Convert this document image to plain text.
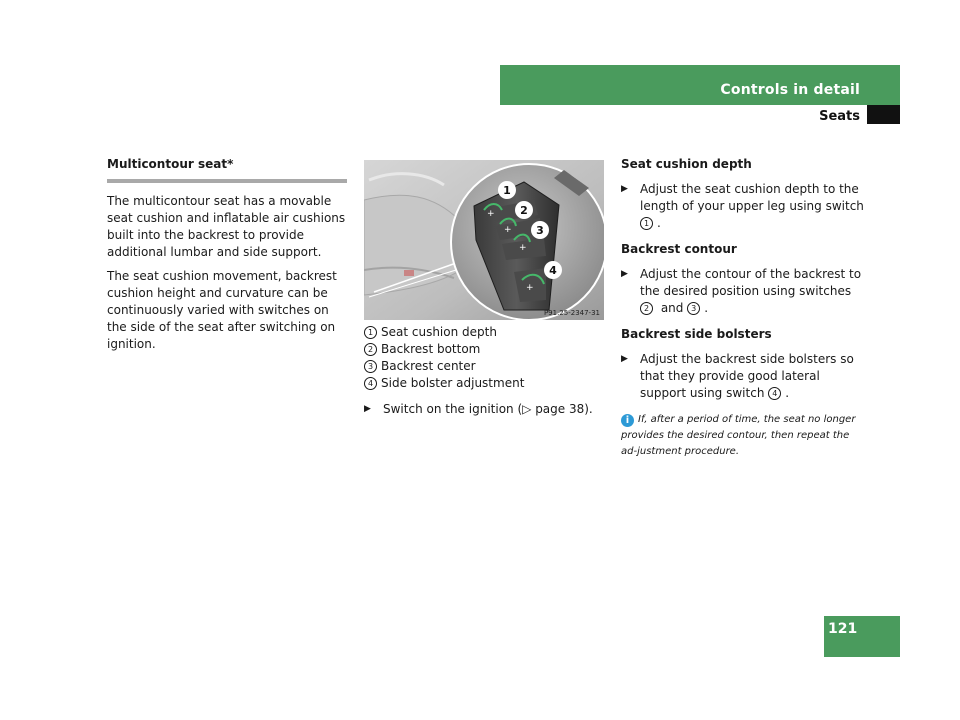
Controls in detail
Seats
Multicontour seat*

The multicontour seat has a movable seat cushion and inflatable air cushions built into the backrest to provide additional lumbar and side support.

The seat cushion movement, backrest cushion height and curvature can be continuously varied with switches on the side of the seat after switching on ignition.

+
+
+
+
1
2
3
4
P91.25-2347-31
1 Seat cushion depth
2 Backrest bottom
3 Backrest center
4 Side bolster adjustment
▶ Switch on the ignition (▷ page 38).
Seat cushion depth
▶ Adjust the seat cushion depth to the length of your upper leg using switch 1 .
Backrest contour
▶ Adjust the contour of the backrest to the desired position using switches 2 and 3 .
Backrest side bolsters
▶ Adjust the backrest side bolsters so that they provide good lateral support using switch 4 .
i If, after a period of time, the seat no longer provides the desired contour, then repeat the ad-justment procedure.
121
